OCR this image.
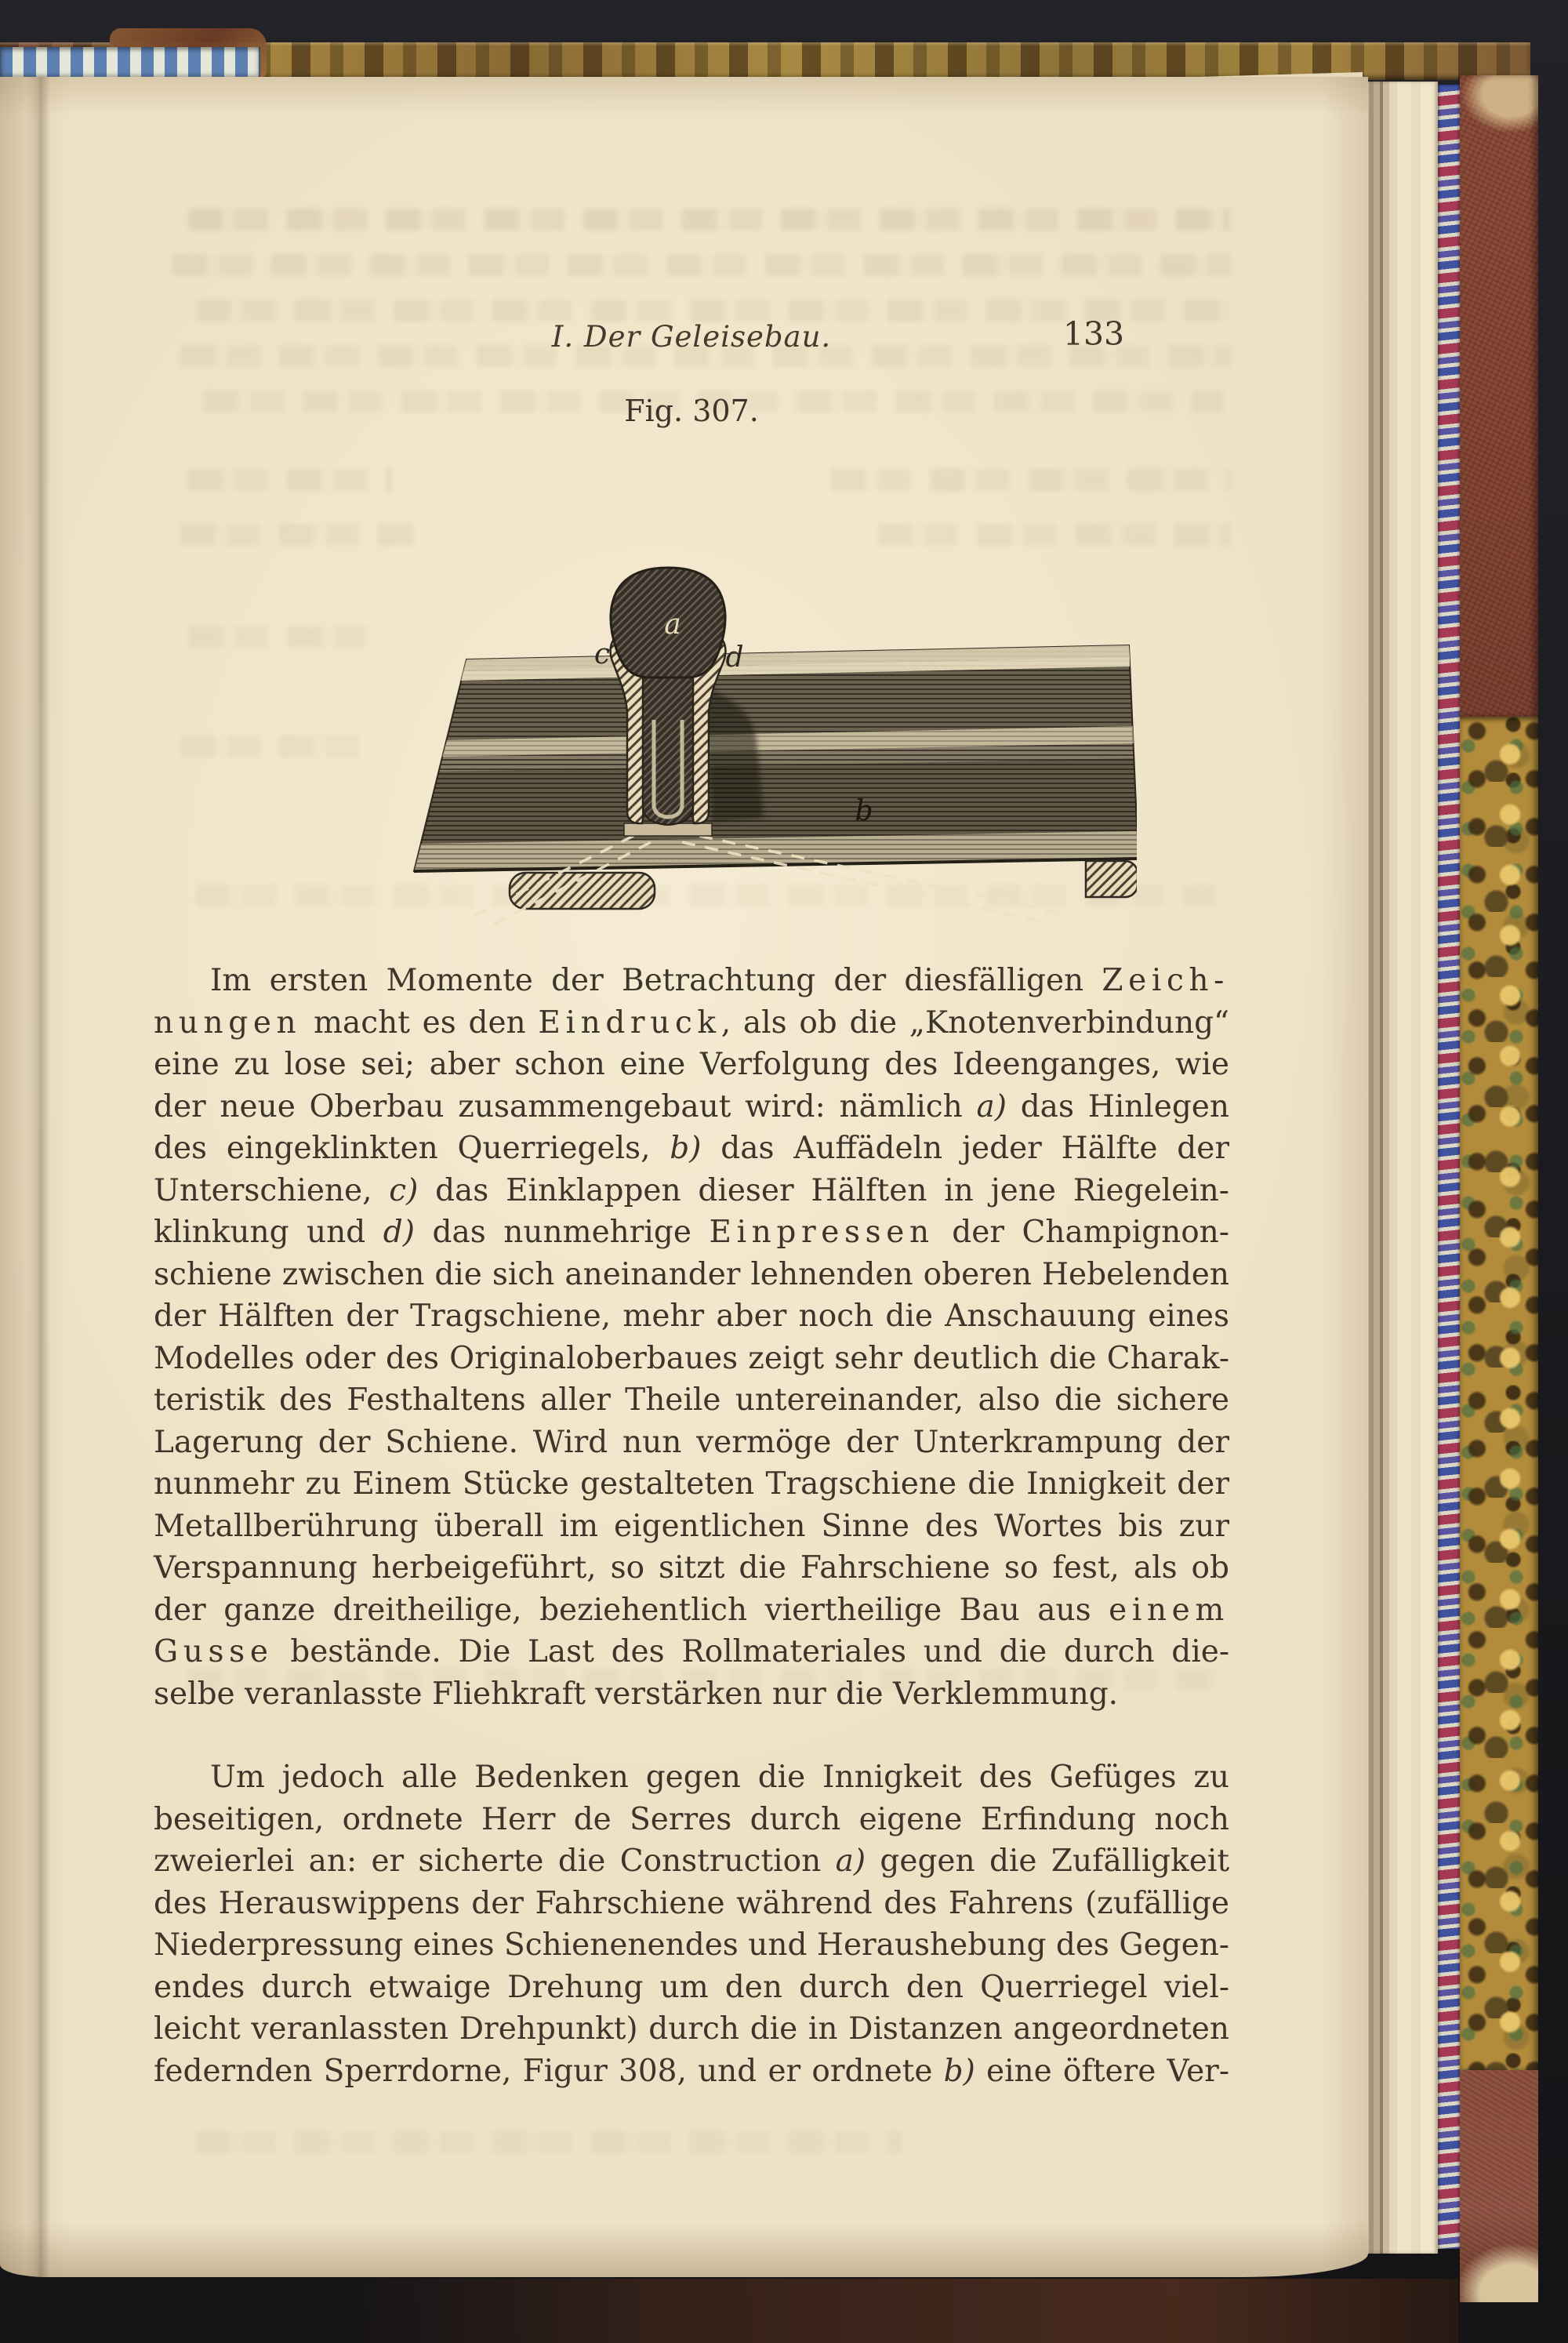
I. Der Geleisebau.	133
Fig. 307.
a
c	d
b
Im ersten Momente der Betrachtung der diesfälligen Zeich-
nungen macht es den Eindruck, als ob die „Knotenverbindung“
eine zu lose sei; aber schon eine Verfolgung des Ideenganges, wie
der neue Oberbau zusammengebaut wird: nämlich a) das Hinlegen
des eingeklinkten Querriegels, b) das Auffädeln jeder Hälfte der
Unterschiene, c) das Einklappen dieser Hälften in jene Riegelein-
klinkung und d) das nunmehrige Einpressen der Champignon-
schiene zwischen die sich aneinander lehnenden oberen Hebelenden
der Hälften der Tragschiene, mehr aber noch die Anschauung eines
Modelles oder des Originaloberbaues zeigt sehr deutlich die Charak-
teristik des Festhaltens aller Theile untereinander, also die sichere
Lagerung der Schiene. Wird nun vermöge der Unterkrampung der
nunmehr zu Einem Stücke gestalteten Tragschiene die Innigkeit der
Metallberührung überall im eigentlichen Sinne des Wortes bis zur
Verspannung herbeigeführt, so sitzt die Fahrschiene so fest, als ob
der ganze dreitheilige, beziehentlich viertheilige Bau aus einem
Gusse bestände. Die Last des Rollmateriales und die durch die-
selbe veranlasste Fliehkraft verstärken nur die Verklemmung.
Um jedoch alle Bedenken gegen die Innigkeit des Gefüges zu
beseitigen, ordnete Herr de Serres durch eigene Erfindung noch
zweierlei an: er sicherte die Construction a) gegen die Zufälligkeit
des Herauswippens der Fahrschiene während des Fahrens (zufällige
Niederpressung eines Schienenendes und Heraushebung des Gegen-
endes durch etwaige Drehung um den durch den Querriegel viel-
leicht veranlassten Drehpunkt) durch die in Distanzen angeordneten
federnden Sperrdorne, Figur 308, und er ordnete b) eine öftere Ver-
